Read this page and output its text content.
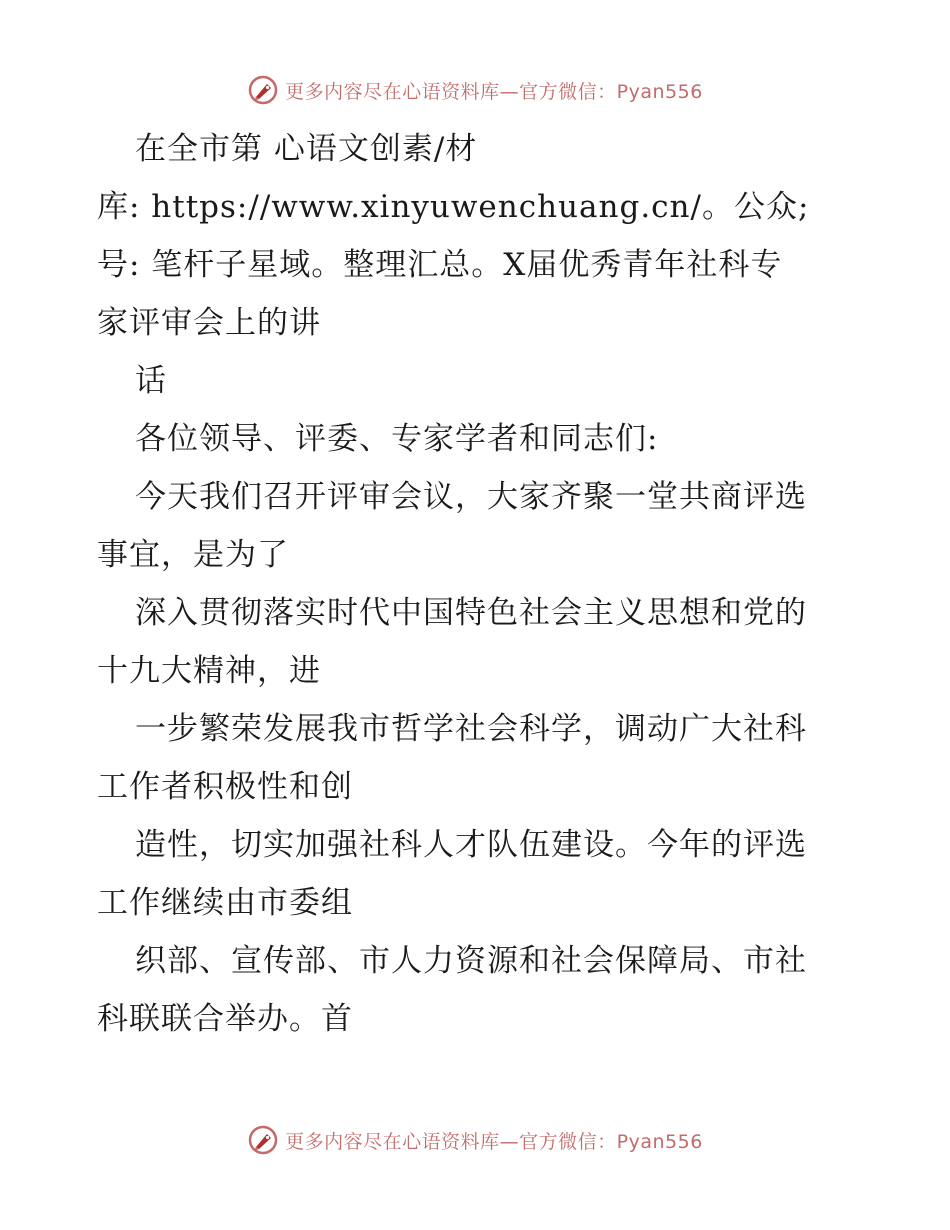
更多内容尽在心语资料库—官方微信：Pyan556
在全市第 心语文创素/材
库: https://www.xinyuwenchuang.cn/。公众;
号: 笔杆子星域。整理汇总。X届优秀青年社科专
家评审会上的讲
话
各位领导、评委、专家学者和同志们:
今天我们召开评审会议，大家齐聚一堂共商评选
事宜，是为了
深入贯彻落实时代中国特色社会主义思想和党的
十九大精神，进
一步繁荣发展我市哲学社会科学，调动广大社科
工作者积极性和创
造性，切实加强社科人才队伍建设。今年的评选
工作继续由市委组
织部、宣传部、市人力资源和社会保障局、市社
科联联合举办。首
更多内容尽在心语资料库—官方微信：Pyan556
